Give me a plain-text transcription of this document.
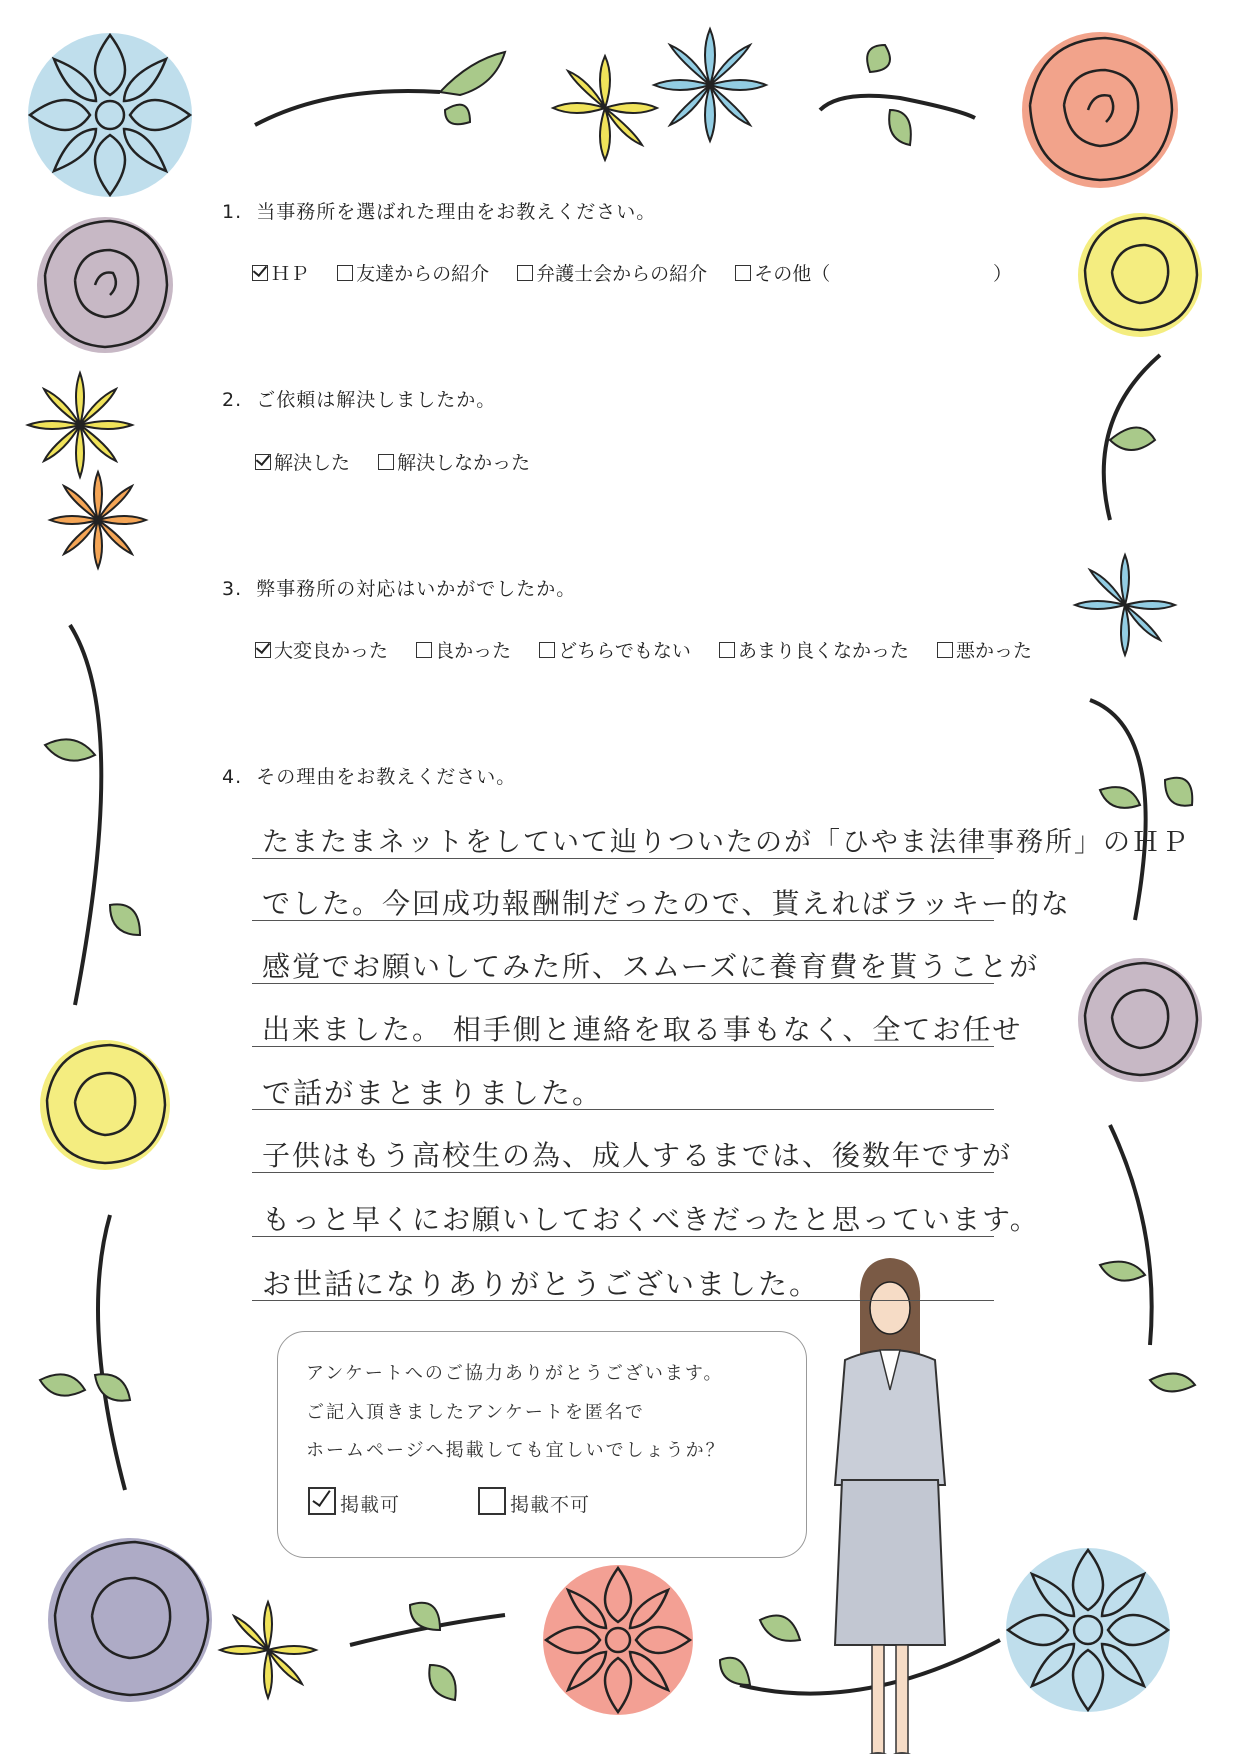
1. 当事務所を選ばれた理由をお教えください。
ＨＰ 友達からの紹介 弁護士会からの紹介 その他（	）
2. ご依頼は解決しましたか。
解決した 解決しなかった
3. 弊事務所の対応はいかがでしたか。
大変良かった 良かった どちらでもない あまり良くなかった 悪かった
4. その理由をお教えください。
たまたまネットをしていて辿りついたのが「ひやま法律事務所」のＨＰ
でした。今回成功報酬制だったので、貰えればラッキー的な
感覚でお願いしてみた所、スムーズに養育費を貰うことが
出来ました。 相手側と連絡を取る事もなく、全てお任せ
で話がまとまりました。
子供はもう高校生の為、成人するまでは、後数年ですが
もっと早くにお願いしておくべきだったと思っています。
お世話になりありがとうございました。
アンケートへのご協力ありがとうございます。
ご記入頂きましたアンケートを匿名で
ホームページへ掲載しても宜しいでしょうか？
掲載可	掲載不可
